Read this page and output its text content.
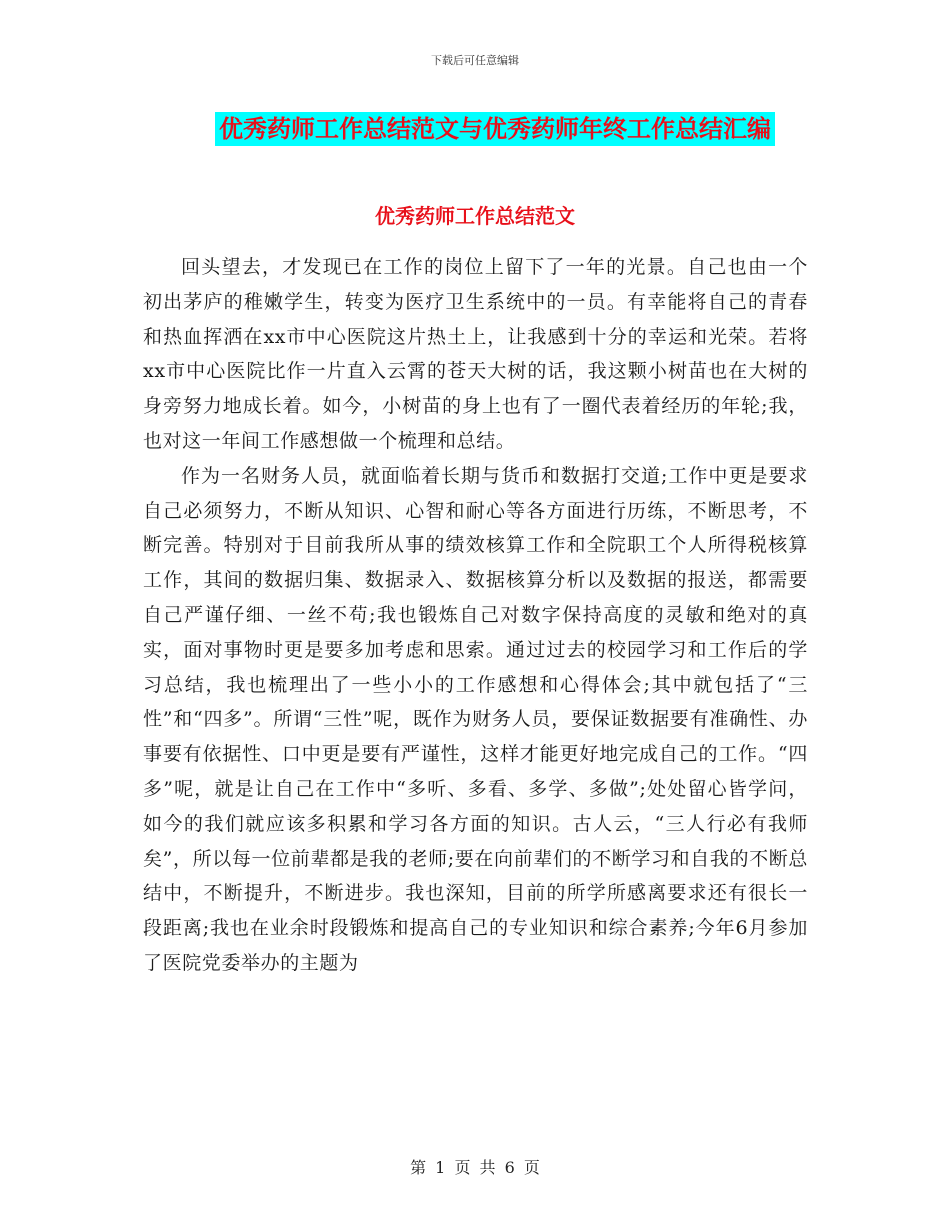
下载后可任意编辑
优秀药师工作总结范文与优秀药师年终工作总结汇编
优秀药师工作总结范文

回头望去，才发现已在工作的岗位上留下了一年的光景。自己也由一个初出茅庐的稚嫩学生，转变为医疗卫生系统中的一员。有幸能将自己的青春和热血挥洒在xx市中心医院这片热土上，让我感到十分的幸运和光荣。若将xx市中心医院比作一片直入云霄的苍天大树的话，我这颗小树苗也在大树的身旁努力地成长着。如今，小树苗的身上也有了一圈代表着经历的年轮;我，也对这一年间工作感想做一个梳理和总结。

作为一名财务人员，就面临着长期与货币和数据打交道;工作中更是要求自己必须努力，不断从知识、心智和耐心等各方面进行历练，不断思考，不断完善。特别对于目前我所从事的绩效核算工作和全院职工个人所得税核算工作，其间的数据归集、数据录入、数据核算分析以及数据的报送，都需要自己严谨仔细、一丝不苟;我也锻炼自己对数字保持高度的灵敏和绝对的真实，面对事物时更是要多加考虑和思索。通过过去的校园学习和工作后的学习总结，我也梳理出了一些小小的工作感想和心得体会;其中就包括了“三性”和“四多”。所谓“三性”呢，既作为财务人员，要保证数据要有准确性、办事要有依据性、口中更是要有严谨性，这样才能更好地完成自己的工作。“四多”呢，就是让自己在工作中“多听、多看、多学、多做”;处处留心皆学问，如今的我们就应该多积累和学习各方面的知识。古人云，“三人行必有我师矣”，所以每一位前辈都是我的老师;要在向前辈们的不断学习和自我的不断总结中，不断提升，不断进步。我也深知，目前的所学所感离要求还有很长一段距离;我也在业余时段锻炼和提高自己的专业知识和综合素养;今年6月参加了医院党委举办的主题为

第 1 页 共 6 页
